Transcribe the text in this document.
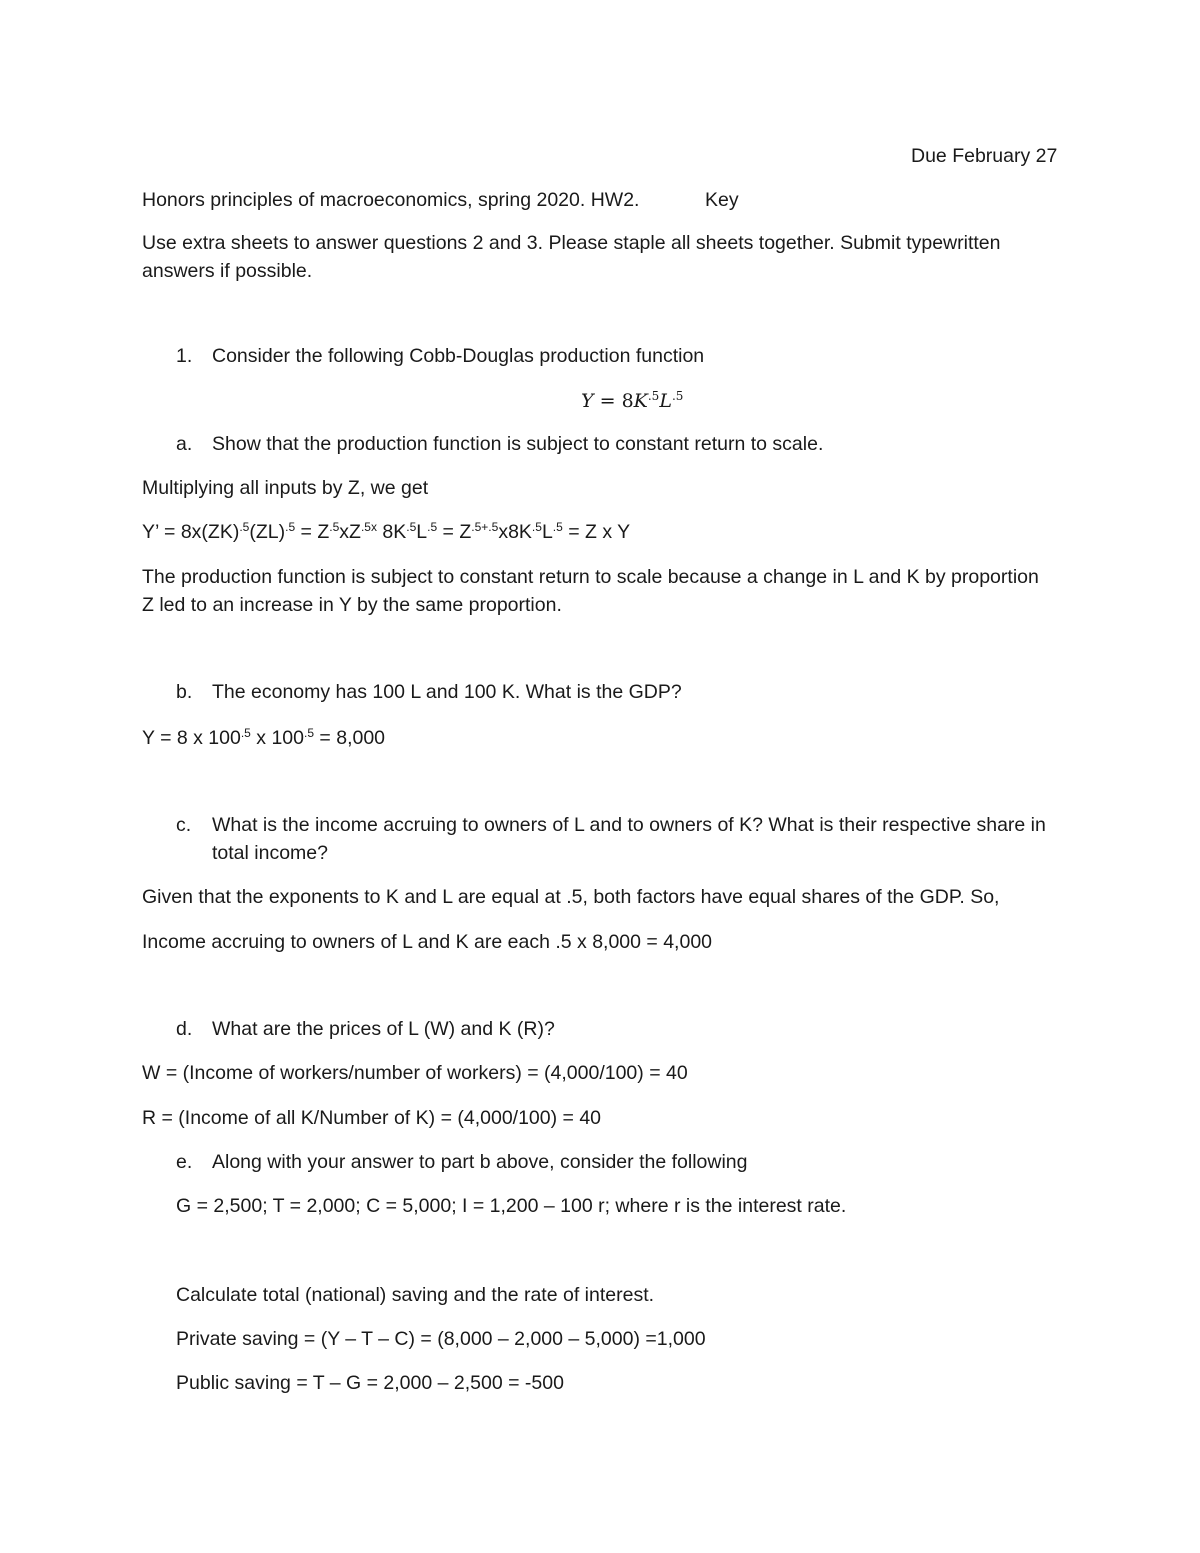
Due February 27
Honors principles of macroeconomics, spring 2020. HW2.	Key
Use extra sheets to answer questions 2 and 3. Please staple all sheets together. Submit typewritten
answers if possible.
1. Consider the following Cobb-Douglas production function
$Y = 8K^{.5}L^{.5}$
a. Show that the production function is subject to constant return to scale.
Multiplying all inputs by Z, we get
Y’ = $8x(ZK)^{.5}(ZL)^{.5} = Z^{.5}xZ^{.5x}$ $8K^{.5}L^{.5} = Z^{.5+.5}x8K^{.5}L^{.5} = Z$ x Y
The production function is subject to constant return to scale because a change in L and K by proportion
Z led to an increase in Y by the same proportion.
b. The economy has 100 L and 100 K. What is the GDP?
Y = 8 x $100^{.5}$ x $100^{.5} = 8,000$
c. What is the income accruing to owners of L and to owners of K? What is their respective share in
total income?
Given that the exponents to K and L are equal at .5, both factors have equal shares of the GDP. So,
Income accruing to owners of L and K are each .5 x 8,000 = 4,000
d. What are the prices of L (W) and K (R)?
W = (Income of workers/number of workers) = (4,000/100) = 40
R = (Income of all K/Number of K) = (4,000/100) = 40
e. Along with your answer to part b above, consider the following
G = 2,500; T = 2,000; C = 5,000; I = 1,200 – 100 r; where r is the interest rate.
Calculate total (national) saving and the rate of interest.
Private saving = (Y – T – C) = (8,000 – 2,000 – 5,000) =1,000
Public saving = T – G = 2,000 – 2,500 = -500
